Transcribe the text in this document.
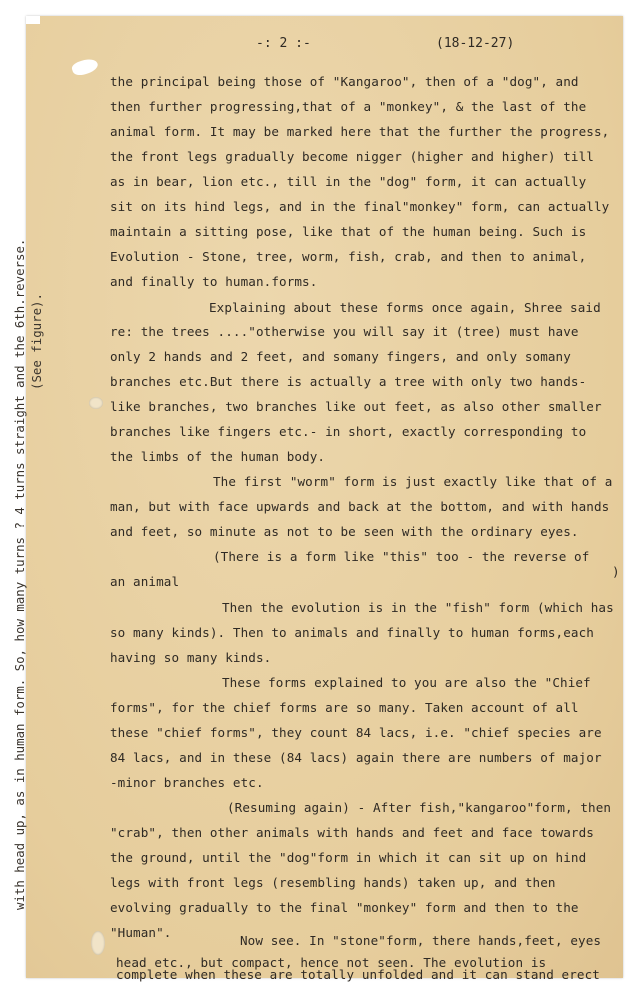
-: 2 :-	(18-12-27)
with head up, as in human form. So, how many turns ? 4 turns straight and the 6th.reverse. (See figure).
the principal being those of "Kangaroo", then of a "dog", and
then further progressing,that of a "monkey", & the last of the
animal form. It may be marked here that the further the progress,
the front legs gradually become nigger (higher and higher) till
as in bear, lion etc., till in the "dog" form, it can actually
sit on its hind legs, and in the final"monkey" form, can actually
maintain a sitting pose, like that of the human being. Such is
Evolution - Stone, tree, worm, fish, crab, and then to animal,
and finally to human.forms.
Explaining about these forms once again, Shree said
re: the trees ...."otherwise you will say it (tree) must have
only 2 hands and 2 feet, and somany fingers, and only somany
branches etc.But there is actually a tree with only two hands-
like branches, two branches like out feet, as also other smaller
branches like fingers etc.- in short, exactly corresponding to
the limbs of the human body.
The first "worm" form is just exactly like that of a
man, but with face upwards and back at the bottom, and with hands
and feet, so minute as not to be seen with the ordinary eyes.
(There is a form like "this" too - the reverse of
an animal
)
Then the evolution is in the "fish" form (which has
so many kinds). Then to animals and finally to human forms,each
having so many kinds.
These forms explained to you are also the "Chief
forms", for the chief forms are so many. Taken account of all
these "chief forms", they count 84 lacs, i.e. "chief species are
84 lacs, and in these (84 lacs) again there are numbers of major
-minor branches etc.
(Resuming again) - After fish,"kangaroo"form, then
"crab", then other animals with hands and feet and face towards
the ground, until the "dog"form in which it can sit up on hind
legs with front legs (resembling hands) taken up, and then
evolving gradually to the final "monkey" form and then to the
"Human".
Now see. In "stone"form, there hands,feet, eyes
head etc., but compact, hence not seen. The evolution is
complete when these are totally unfolded and it can stand erect
